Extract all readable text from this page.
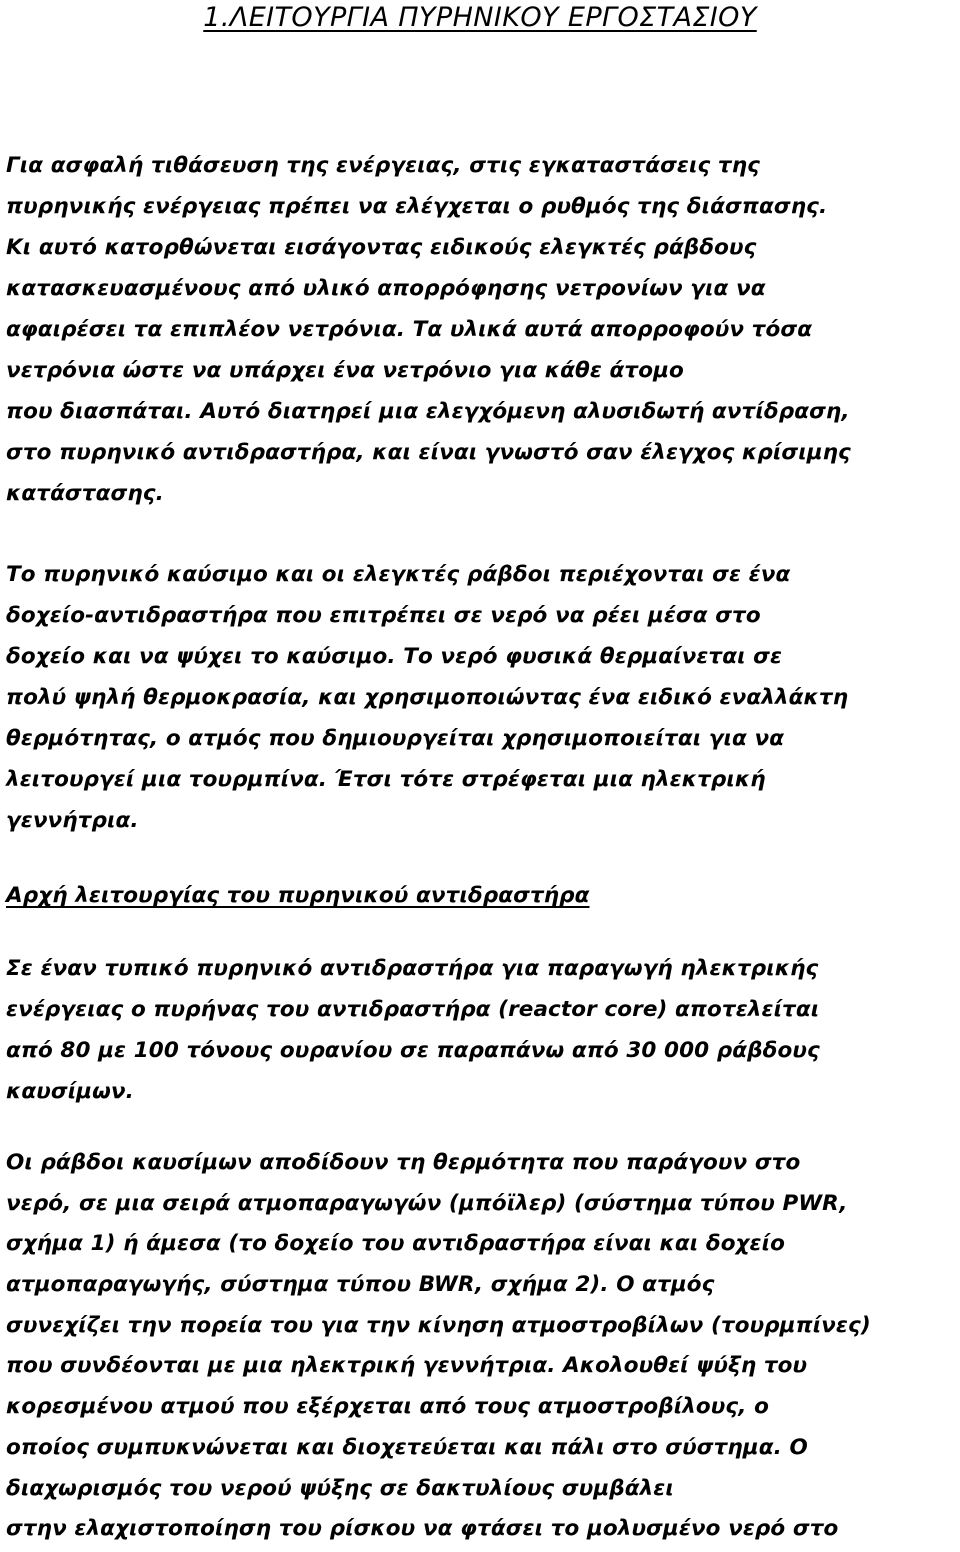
1.ΛΕΙΤΟΥΡΓΙΑ ΠΥΡΗΝΙΚΟΥ ΕΡΓΟΣΤΑΣΙΟΥ
Για ασφαλή τιθάσευση της ενέργειας, στις εγκαταστάσεις της
πυρηνικής ενέργειας πρέπει να ελέγχεται ο ρυθμός της διάσπασης.
Κι αυτό κατορθώνεται εισάγοντας ειδικούς ελεγκτές ράβδους
κατασκευασμένους από υλικό απορρόφησης νετρονίων για να
αφαιρέσει τα επιπλέον νετρόνια. Τα υλικά αυτά απορροφούν τόσα
νετρόνια ώστε να υπάρχει ένα νετρόνιο για κάθε άτομο
που διασπάται. Αυτό διατηρεί μια ελεγχόμενη αλυσιδωτή αντίδραση,
στο πυρηνικό αντιδραστήρα, και είναι γνωστό σαν έλεγχος κρίσιμης
κατάστασης.
Το πυρηνικό καύσιμο και οι ελεγκτές ράβδοι περιέχονται σε ένα
δοχείο-αντιδραστήρα που επιτρέπει σε νερό να ρέει μέσα στο
δοχείο και να ψύχει το καύσιμο. Το νερό φυσικά θερμαίνεται σε
πολύ ψηλή θερμοκρασία, και χρησιμοποιώντας ένα ειδικό εναλλάκτη
θερμότητας, ο ατμός που δημιουργείται χρησιμοποιείται για να
λειτουργεί μια τουρμπίνα. Έτσι τότε στρέφεται μια ηλεκτρική
γεννήτρια.
Αρχή λειτουργίας του πυρηνικού αντιδραστήρα
Σε έναν τυπικό πυρηνικό αντιδραστήρα για παραγωγή ηλεκτρικής
ενέργειας ο πυρήνας του αντιδραστήρα (reactor core) αποτελείται
από 80 με 100 τόνους ουρανίου σε παραπάνω από 30 000 ράβδους
καυσίμων.
Οι ράβδοι καυσίμων αποδίδουν τη θερμότητα που παράγουν στο
νερό, σε μια σειρά ατμοπαραγωγών (μπόϊλερ) (σύστημα τύπου PWR,
σχήμα 1) ή άμεσα (το δοχείο του αντιδραστήρα είναι και δοχείο
ατμοπαραγωγής, σύστημα τύπου BWR, σχήμα 2). Ο ατμός
συνεχίζει την πορεία του για την κίνηση ατμοστροβίλων (τουρμπίνες)
που συνδέονται με μια ηλεκτρική γεννήτρια. Ακολουθεί ψύξη του
κορεσμένου ατμού που εξέρχεται από τους ατμοστροβίλους, ο
οποίος συμπυκνώνεται και διοχετεύεται και πάλι στο σύστημα. Ο
διαχωρισμός του νερού ψύξης σε δακτυλίους συμβάλει
στην ελαχιστοποίηση του ρίσκου να φτάσει το μολυσμένο νερό στο
